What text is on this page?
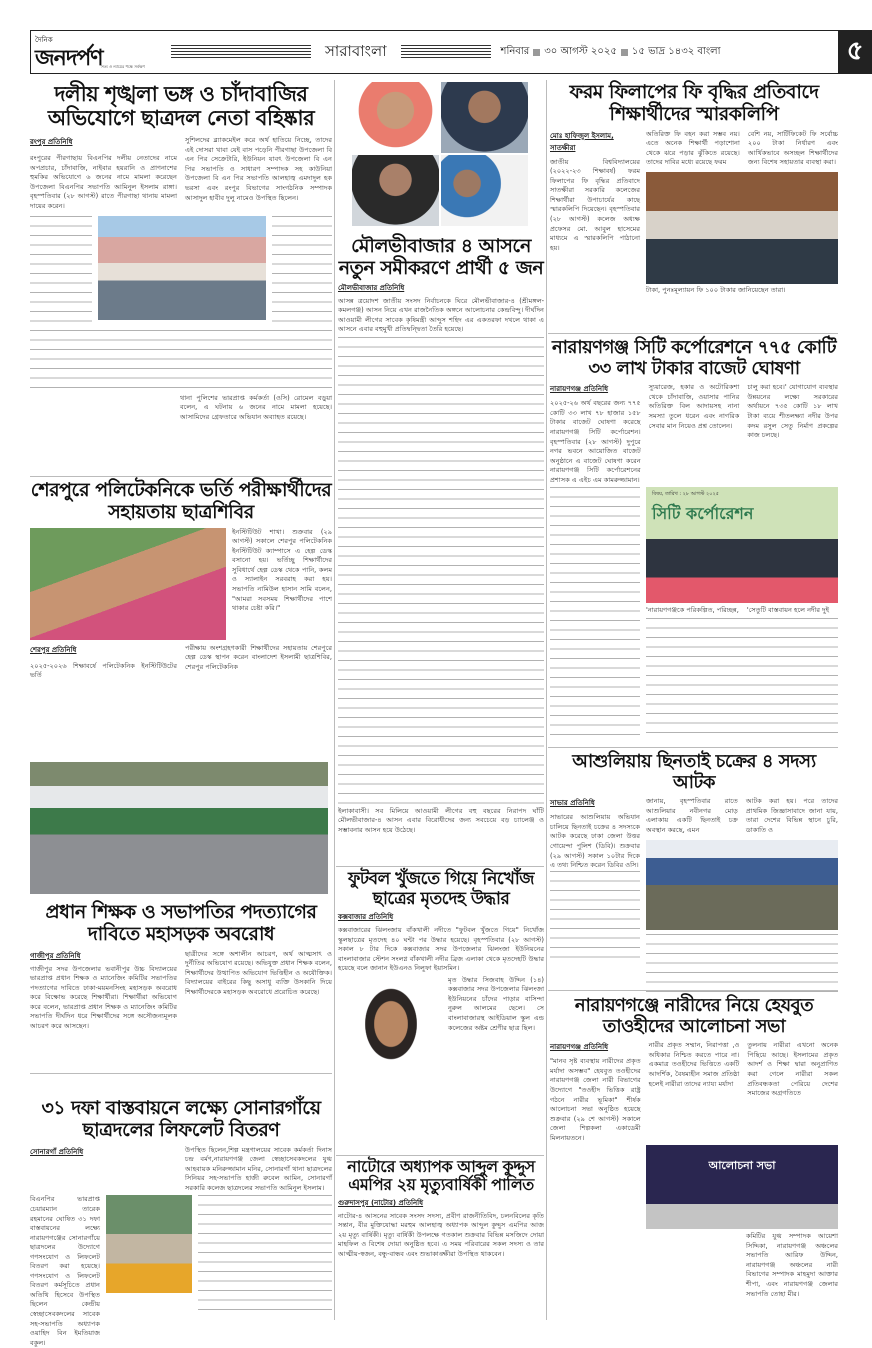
দৈনিক
জনদর্পণ
সত্য ও ন্যায়ের পক্ষে সর্বক্ষণ
সারাবাংলা	শনিবার ৩০ আগস্ট ২০২৫ ১৫ ভাদ্র ১৪৩২ বাংলা	৫
দলীয় শৃঙ্খলা ভঙ্গ ও চাঁদাবাজির অভিযোগে ছাত্রদল নেতা বহিষ্কার
রংপুর প্রতিনিধি

রংপুরের পীরগাছায় বিএনপির দলীয় নেতাদের নামে অপপ্রচার, চাঁদাবাজি, নাইবার হয়রানি ও প্রাণনাশের হুমকির অভিযোগে ৬ জনের নামে মামলা করেছেন উপজেলা বিএনপির সভাপতি আমিনুল ইসলাম রাঙ্গা। বৃহস্পতিবার (২৮ আগস্ট) রাতে পীরগাছা থানায় মামলা দায়ের করেন।

সুশিলদের ব্ল্যাকমেইল করে অর্থ হাতিয়ে নিচ্ছে, তাদের এই দোসরা খাবা যেই বাস পড়েনি পীরগাছা উপজেলা বি এন পির সেক্রেটারি, ইউনিয়ন যাবৎ উপজেলা বি এন পির সভাপতি ও সাধারণ সম্পাদক সহ কাউনিয়া উপজেলা বি এন পির সভাপতি আলহাজ্ব এমদাদুল হক ভরসা এবং রংপুর বিভাগের সাংগঠনিক সম্পাদক আসাদুল হাবীব দুলু নামেও উপস্থিত ছিলেন।

থানা পুলিশের ভারপ্রাপ্ত কর্মকর্তা (ওসি) রোমেল বড়ুয়া বলেন, এ ঘটনায় ৬ জনের নামে মামলা হয়েছে। আসামিদের গ্রেফতারে অভিযান অব্যাহত রয়েছে।

শেরপুরে পলিটেকনিকে ভর্তি পরীক্ষার্থীদের সহায়তায় ছাত্রশিবির

ইনস্টিটিউট শাখা। শুক্রবার (২৯ আগস্ট) সকালে শেরপুর পলিটেকনিক ইনস্টিটিউট ক্যাম্পাসে এ হেল্প ডেস্ক বসানো হয়। ভর্তিচ্ছু শিক্ষার্থীদের সুবিধার্থে হেল্প ডেস্ক থেকে পানি, কলম ও স্যালাইন সরবরাহ করা হয়। সভাপতি নামিউল হাসান সামি বলেন, "আমরা সবসময় শিক্ষার্থীদের পাশে থাকার চেষ্টা করি।"

শেরপুর প্রতিনিধি

২০২৫-২০২৬ শিক্ষাবর্ষে পলিটেকনিক ইনস্টিটিউটের ভর্তি

পরীক্ষায় অংশগ্রহণকারী শিক্ষার্থীদের সহায়তায় শেরপুরে হেল্প ডেস্ক স্থাপন করেন বাংলাদেশ ইসলামী ছাত্রশিবির, শেরপুর পলিটেকনিক

প্রধান শিক্ষক ও সভাপতির পদত্যাগের দাবিতে মহাসড়ক অবরোধ
গাজীপুর প্রতিনিধি

গাজীপুর সদর উপজেলার ভবানীপুর উচ্চ বিদ্যালয়ের ভারপ্রাপ্ত প্রধান শিক্ষক ও ম্যানেজিং কমিটির সভাপতির পদত্যাগের দাবিতে ঢাকা-ময়মনসিংহ মহাসড়ক অবরোধ করে বিক্ষোভ করেছে শিক্ষার্থীরা। শিক্ষার্থীরা অভিযোগ করে বলেন, ভারপ্রাপ্ত প্রধান শিক্ষক ও ম্যানেজিং কমিটির সভাপতি দীর্ঘদিন ধরে শিক্ষার্থীদের সঙ্গে অসৌজন্যমূলক আচরণ করে আসছেন।

ছাত্রীদের সঙ্গে অশালীন আচরণ, অর্থ আত্মসাৎ ও দুর্নীতির অভিযোগ রয়েছে। অভিযুক্ত প্রধান শিক্ষক বলেন, শিক্ষার্থীদের উত্থাপিত অভিযোগ ভিত্তিহীন ও অযৌক্তিক। বিদ্যালয়ের বাইরের কিছু অসাধু ব্যক্তি উসকানি দিয়ে শিক্ষার্থীদেরকে মহাসড়ক অবরোধে প্ররোচিত করেছে।

৩১ দফা বাস্তবায়নে লক্ষ্যে সোনারগাঁয়ে ছাত্রদলের লিফলেট বিতরণ
সোনারগাঁ প্রতিনিধি	উপস্থিত ছিলেন,শিল্প মন্ত্রণালয়ের সাবেক কর্মকর্তা দিনাস চন্দ্র বর্মণ,নারায়ণগঞ্জ জেলা স্বেচ্ছাসেবকদলের যুগ্ম আহবায়ক মনিরুজ্জামান মনির, সোনারগাঁ থানা ছাত্রদলের সিনিয়র সহ-সভাপতি হাজী রুবেল আমিন, সোনারগাঁ সরকারি কলেজ ছাত্রদলের সভাপতি আমিনুল ইসলাম।

বিএনপির ভারপ্রাপ্ত চেয়ারম্যান তারেক রহমানের ঘোষিত ৩১ দফা বাস্তবায়নের লক্ষ্যে নারায়ণগঞ্জের সোনারগাঁয়ে ছাত্রদলের উদ্যোগে গণসংযোগ ও লিফলেট বিতরণ করা হয়েছে। গণসংযোগ ও লিফলেট বিতরণ কর্মসূচিতে প্রধান অতিথি হিসেবে উপস্থিত ছিলেন কেন্দ্রীয় স্বেচ্ছাসেবকদলের সাবেক সহ-সভাপতি অধ্যাপক ওয়াহিদ বিন ইমতিয়াজ বকুল।

মৌলভীবাজার ৪ আসনে নতুন সমীকরণে প্রার্থী ৫ জন
মৌলভীবাজার প্রতিনিধি

আসন্ন ত্রয়োদশ জাতীয় সংসদ নির্বাচনকে ঘিরে মৌলভীবাজার-৪ (শ্রীমঙ্গল-কমলগঞ্জ) আসন নিয়ে এখন রাজনৈতিক অঙ্গনে আলোচনার কেন্দ্রবিন্দু। দীর্ঘদিন আওয়ামী লীগের সাবেক কৃষিমন্ত্রী আব্দুস শহিদ এর একতরফা দখলে থাকা এ আসনে এবার বহুমুখী প্রতিদ্বন্দ্বিতা তৈরি হয়েছে।

ইলাকাবাসী। সব মিলিয়ে আওয়ামী লীগের বহু বছরের নিরাপদ ঘাঁটি মৌলভীবাজার-৪ আসন এবার বিরোধীদের জন্য সবচেয়ে বড় চ্যালেঞ্জ ও সম্ভাবনার আসন হয়ে উঠেছে।

ফুটবল খুঁজতে গিয়ে নিখোঁজ ছাত্রের মৃতদেহ উদ্ধার
কক্সবাজার প্রতিনিধি

কক্সবাজারের ঝিলংজায় বাঁকখালী নদীতে "ফুটবল খুঁজতে গিয়ে" নিখোঁজ স্কুলছাত্রের মৃতদেহ ৪০ ঘন্টা পর উদ্ধার হয়েছে। বৃহস্পতিবার (২৮ আগস্ট) সকাল ৮ টার দিকে কক্সবাজার সদর উপজেলার ঝিলংজা ইউনিয়নের বাংলাবাজার স্টেশন সংলগ্ন বাঁকখালী নদীর ব্রিজ এলাকা থেকে মৃতদেহটি উদ্ধার হয়েছে বলে জানান ইউএনও নিলুফা ইয়াসমিন।

মৃত উদ্ধার সিজবাহ উদ্দিন (১৪) কক্সবাজার সদর উপজেলার ঝিলংজা ইউনিয়নের চাঁদের পাড়ার বাসিন্দা নুরুল আলমের ছেলে। সে বাংলাবাজারস্থ আইডিয়াল স্কুল এন্ড কলেজের অষ্টম শ্রেণীর ছাত্র ছিল।

নাটোরে অধ্যাপক আব্দুল কুদ্দুস এমপির ২য় মৃত্যুবার্ষিকী পালিত
গুরুদাসপুর (নাটোর) প্রতিনিধি

নাটোর-৪ আসনের সাবেক সংসদ সদস্য, প্রবীণ রাজনীতিবিদ, চলনবিলের কৃতি সন্তান, বীর মুক্তিযোদ্ধা মরহুম আলহাজ্ব অধ্যাপক আব্দুল কুদ্দুস এমপির আজ ২য় মৃত্যু বার্ষিকী। মৃত্যু বার্ষিকী উপলক্ষে গতকাল শুক্রবার বিভিন্ন মসজিদে দোয়া মাহফিল ও বিশেষ দোয়া অনুষ্ঠিত হবে। এ সময় পরিবারের সকল সদস্য ও তার আত্মীয়-স্বজন, বন্ধু-বান্ধব এবং শুভাকাঙ্ক্ষীরা উপস্থিত থাকবেন।

ফরম ফিলাপের ফি বৃদ্ধির প্রতিবাদে শিক্ষার্থীদের স্মারকলিপি
মোঃ হাফিজুল ইসলাম, সাতক্ষীরা

জাতীয় বিশ্ববিদ্যালয়ের (২০২২-২৩ শিক্ষাবর্ষ) ফরম ফিলাপের ফি বৃদ্ধির প্রতিবাদে সাতক্ষীরা সরকারি কলেজের শিক্ষার্থীরা উপাচার্যের কাছে স্মারকলিপি দিয়েছেন। বৃহস্পতিবার (২৮ আগস্ট) কলেজ অধ্যক্ষ প্রফেসর মো. আবুল হাসেমের মাধ্যমে এ স্মারকলিপি পাঠানো হয়।

অতিরিক্ত ফি বহন করা সম্ভব নয়। এতে অনেক শিক্ষার্থী পড়াশোনা থেকে ঝরে পড়ার ঝুঁকিতে রয়েছে। তাদের দাবির মধ্যে রয়েছে ফরম

বেশি নয়, সার্টিফিকেট ফি সর্বোচ্চ ২০০ টাকা নির্ধারণ এবং আর্থিকভাবে অসচ্ছল শিক্ষার্থীদের জন্য বিশেষ সহায়তার ব্যবস্থা করা।

টাকা, পুনঃমূল্যায়ন ফি ১০০ টাকার জানিয়েছেন তারা।

নারায়ণগঞ্জ সিটি কর্পোরেশনে ৭৭৫ কোটি ৩৩ লাখ টাকার বাজেট ঘোষণা
নারায়ণগঞ্জ প্রতিনিধি

২০২৫-২৬ অর্থ বছরের জন্য ৭৭৫ কোটি ৩৩ লাখ ৭৮ হাজার ১৫৮ টাকার বাজেট ঘোষণা করেছে নারায়ণগঞ্জ সিটি কর্পোরেশন। বৃহস্পতিবার (২৮ আগস্ট) দুপুরে নগর ভবনে আয়োজিত বাজেট অনুষ্ঠানে এ বাজেট ঘোষণা করেন নারায়ণগঞ্জ সিটি কর্পোরেশনের প্রশাসক এ এইচ এম কামরুজ্জামান।

স্যুয়ারেজ, হকার ও অটোরিকশা থেকে চাঁদাবাজি, ওয়াসার পানির অতিরিক্ত বিল আদায়সহ নানা সমস্যা তুলে ধরেন এবং নাগরিক সেবার মান নিয়েও প্রশ্ন তোলেন।

চালু করা হবে।' যোগাযোগ ব্যবস্থার উন্নয়নের লক্ষ্যে সরকারের অর্থায়নে ৭৩৫ কোটি ১৮ লাখ টাকা ব্যয়ে শীতলক্ষ্যা নদীর উপর কদম রসুল সেতু নির্মাণ প্রকল্পের কাজ চলছে।

বিষয়, তারিখ : ২৮ আগস্ট ২০২৫
সিটি কর্পোরেশন

'নারায়ণগঞ্জকে পরিকল্পিত, পরিচ্ছন্ন, 'সেতুটি বাস্তবায়ন হলে নদীর দুই

আশুলিয়ায় ছিনতাই চক্রের ৪ সদস্য আটক
সাভার প্রতিনিধি

সাভারের আশুলিয়ায় অভিযান চালিয়ে ছিনতাই চক্রের ৪ সদস্যকে আটক করেছে ঢাকা জেলা উত্তর গোয়েন্দা পুলিশ (ডিবি)। শুক্রবার (২৯ আগস্ট) সকাল ১০টার দিকে এ তথ্য নিশ্চিত করেন ডিবির ওসি।

জানায়, বৃহস্পতিবার রাতে আশুলিয়ার নবীনগর মোড় এলাকায় একটি ছিনতাই চক্র অবস্থান করছে, এমন

আটক করা হয়। পরে তাদের প্রাথমিক জিজ্ঞাসাবাদে জানা যায়, তারা দেশের বিভিন্ন স্থানে চুরি, ডাকাতি ও

নারায়ণগঞ্জে নারীদের নিয়ে হেযবুত তাওহীদের আলোচনা সভা
নারায়ণগঞ্জ প্রতিনিধি

"মানব সৃষ্ট ব্যবস্থায় নারীদের প্রকৃত মর্যাদা অসম্ভব" হেযবুত তওহীদের নারায়ণগঞ্জ জেলা নারী বিভাগের উদ্যোগে "তওহীদ ভিত্তিক রাষ্ট্র গঠনে নারীর ভূমিকা" শীর্ষক আলোচনা সভা অনুষ্ঠিত হয়েছে শুক্রবার (২৯ শে আগস্ট) সকালে জেলা শিল্পকলা একাডেমী মিলনায়তনে।

নারীর প্রকৃত সম্মান, নিরাপত্তা ,ও অধিকার নিশ্চিত করতে পারে না। একমাত্র তওহীদের ভিত্তিতে একটি আদর্শিক, বৈষম্যহীন সমাজ প্রতিষ্ঠা হলেই নারীরা তাদের ন্যায্য মর্যাদা

তুলনায় নারীরা এখনো অনেক পিছিয়ে আছে। ইসলামের প্রকৃত আদর্শ ও শিক্ষা দ্বারা অনুপ্রাণিত করা গেলে নারীরা সকল প্রতিবন্ধকতা পেরিয়ে দেশের সমাজের অগ্রগতিতে

আলোচনা সভা

কমিটির যুগ্ম সম্পাদক আয়েশা সিদ্দিকা, নারায়ণগঞ্জ অঞ্চলের সভাপতি আরিফ উদ্দিন, নারায়ণগঞ্জ অঞ্চলের নারী বিভাগের সম্পাদক মাহমুদা আক্তার শীপা, এবং নারায়ণগঞ্জ জেলার সভাপতি তোহা মীর।
